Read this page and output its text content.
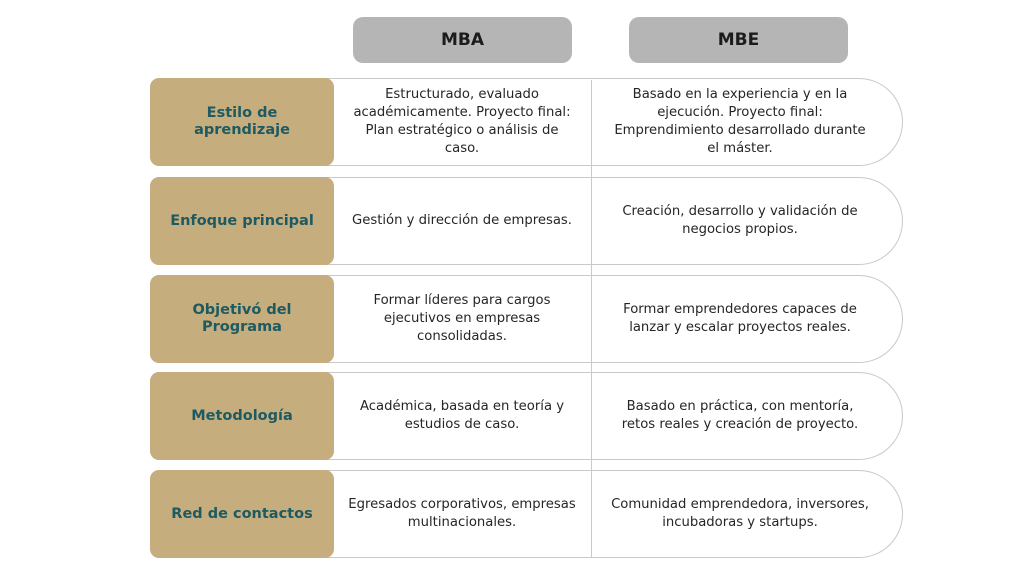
MBA	MBE
Estilo de aprendizaje
Estructurado, evaluado académicamente. Proyecto final: Plan estratégico o análisis de caso.
Basado en la experiencia y en la ejecución. Proyecto final: Emprendimiento desarrollado durante el máster.
Enfoque principal	Gestión y dirección de empresas.
Creación, desarrollo y validación de negocios propios.
Objetivó del Programa
Formar líderes para cargos ejecutivos en empresas consolidadas.
Formar emprendedores capaces de lanzar y escalar proyectos reales.
Metodología
Académica, basada en teoría y estudios de caso.
Basado en práctica, con mentoría, retos reales y creación de proyecto.
Red de contactos
Egresados corporativos, empresas multinacionales.
Comunidad emprendedora, inversores, incubadoras y startups.
